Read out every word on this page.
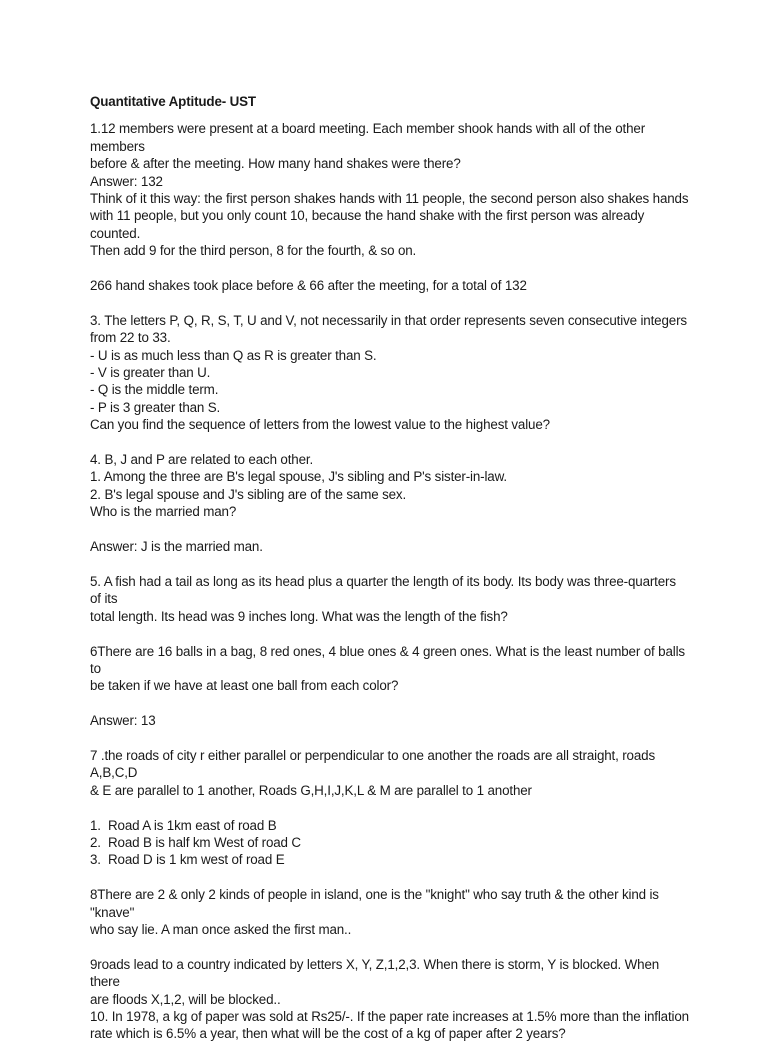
Quantitative Aptitude- UST

1.12 members were present at a board meeting. Each member shook hands with all of the other members

before & after the meeting. How many hand shakes were there?

Answer: 132

Think of it this way: the first person shakes hands with 11 people, the second person also shakes hands

with 11 people, but you only count 10, because the hand shake with the first person was already counted.

Then add 9 for the third person, 8 for the fourth, & so on.

266 hand shakes took place before & 66 after the meeting, for a total of 132

3. The letters P, Q, R, S, T, U and V, not necessarily in that order represents seven consecutive integers

from 22 to 33.

- U is as much less than Q as R is greater than S.

- V is greater than U.

- Q is the middle term.

- P is 3 greater than S.

Can you find the sequence of letters from the lowest value to the highest value?

4. B, J and P are related to each other.

1. Among the three are B's legal spouse, J's sibling and P's sister-in-law.

2. B's legal spouse and J's sibling are of the same sex.

Who is the married man?

Answer: J is the married man.

5. A fish had a tail as long as its head plus a quarter the length of its body. Its body was three-quarters of its

total length. Its head was 9 inches long. What was the length of the fish?

6There are 16 balls in a bag, 8 red ones, 4 blue ones & 4 green ones. What is the least number of balls to

be taken if we have at least one ball from each color?

Answer: 13

7 .the roads of city r either parallel or perpendicular to one another the roads are all straight, roads A,B,C,D

& E are parallel to 1 another, Roads G,H,I,J,K,L & M are parallel to 1 another

1.  Road A is 1km east of road B

2.  Road B is half km West of road C

3.  Road D is 1 km west of road E

8There are 2 & only 2 kinds of people in island, one is the "knight" who say truth & the other kind is "knave"

who say lie. A man once asked the first man..

9roads lead to a country indicated by letters X, Y, Z,1,2,3. When there is storm, Y is blocked. When there

are floods X,1,2, will be blocked..

10. In 1978, a kg of paper was sold at Rs25/-. If the paper rate increases at 1.5% more than the inflation

rate which is 6.5% a year, then what will be the cost of a kg of paper after 2 years?
